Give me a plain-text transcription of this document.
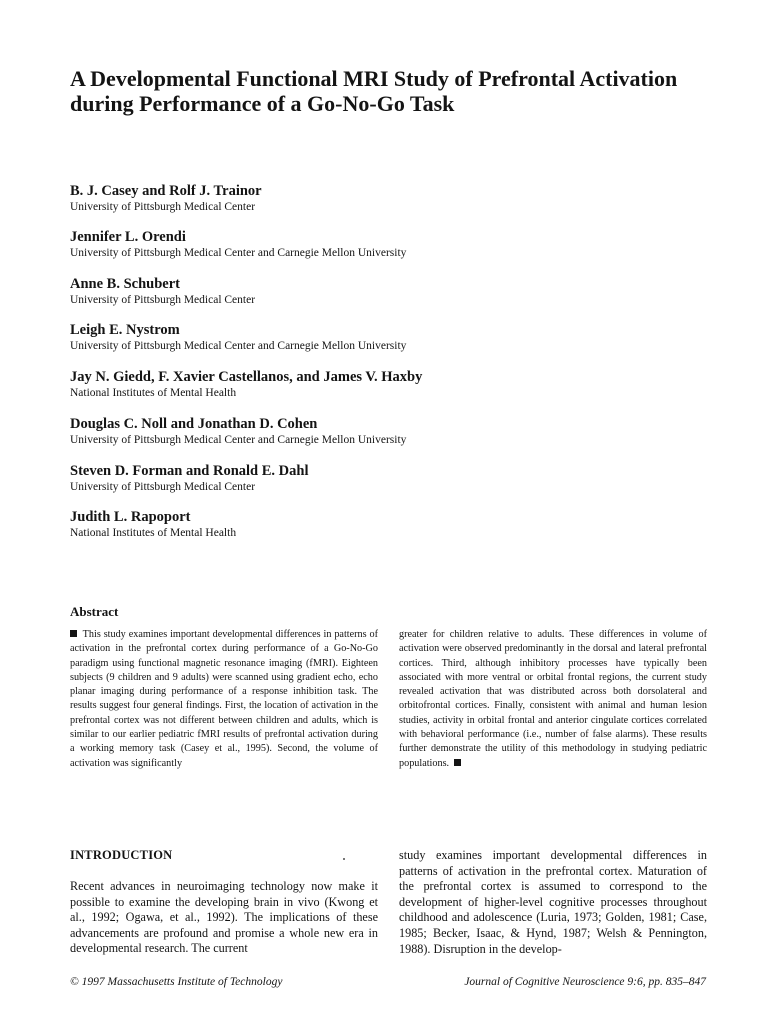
A Developmental Functional MRI Study of Prefrontal Activation during Performance of a Go-No-Go Task
B. J. Casey and Rolf J. Trainor
University of Pittsburgh Medical Center
Jennifer L. Orendi
University of Pittsburgh Medical Center and Carnegie Mellon University
Anne B. Schubert
University of Pittsburgh Medical Center
Leigh E. Nystrom
University of Pittsburgh Medical Center and Carnegie Mellon University
Jay N. Giedd, F. Xavier Castellanos, and James V. Haxby
National Institutes of Mental Health
Douglas C. Noll and Jonathan D. Cohen
University of Pittsburgh Medical Center and Carnegie Mellon University
Steven D. Forman and Ronald E. Dahl
University of Pittsburgh Medical Center
Judith L. Rapoport
National Institutes of Mental Health
Abstract

This study examines important developmental differences in patterns of activation in the prefrontal cortex during performance of a Go-No-Go paradigm using functional magnetic resonance imaging (fMRI). Eighteen subjects (9 children and 9 adults) were scanned using gradient echo, echo planar imaging during performance of a response inhibition task. The results suggest four general findings. First, the location of activation in the prefrontal cortex was not different between children and adults, which is similar to our earlier pediatric fMRI results of prefrontal activation during a working memory task (Casey et al., 1995). Second, the volume of activation was significantly

greater for children relative to adults. These differences in volume of activation were observed predominantly in the dorsal and lateral prefrontal cortices. Third, although inhibitory processes have typically been associated with more ventral or orbital frontal regions, the current study revealed activation that was distributed across both dorsolateral and orbitofrontal cortices. Finally, consistent with animal and human lesion studies, activity in orbital frontal and anterior cingulate cortices correlated with behavioral performance (i.e., number of false alarms). These results further demonstrate the utility of this methodology in studying pediatric populations.

INTRODUCTION

Recent advances in neuroimaging technology now make it possible to examine the developing brain in vivo (Kwong et al., 1992; Ogawa, et al., 1992). The implications of these advancements are profound and promise a whole new era in developmental research. The current

study examines important developmental differences in patterns of activation in the prefrontal cortex. Maturation of the prefrontal cortex is assumed to correspond to the development of higher-level cognitive processes throughout childhood and adolescence (Luria, 1973; Golden, 1981; Case, 1985; Becker, Isaac, & Hynd, 1987; Welsh & Pennington, 1988). Disruption in the develop-

© 1997 Massachusetts Institute of Technology	Journal of Cognitive Neuroscience 9:6, pp. 835–847
